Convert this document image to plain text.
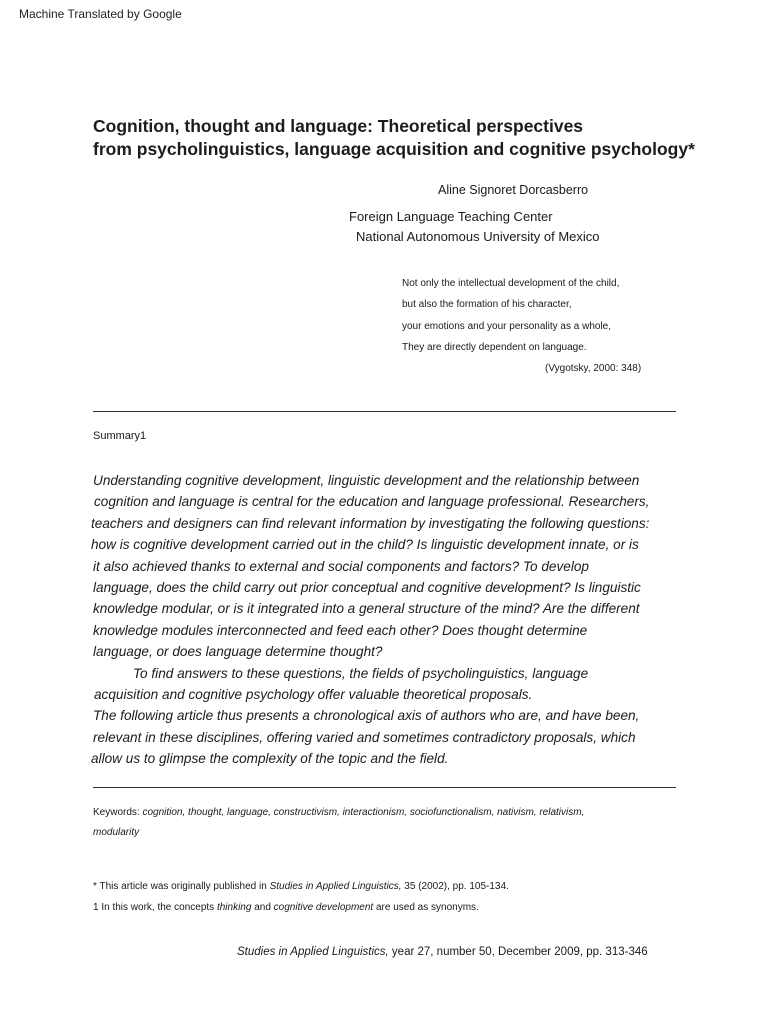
Machine Translated by Google
Cognition, thought and language: Theoretical perspectives
from psycholinguistics, language acquisition and cognitive psychology*
Aline Signoret Dorcasberro
Foreign Language Teaching Center
National Autonomous University of Mexico
Not only the intellectual development of the child,
but also the formation of his character,
your emotions and your personality as a whole,
They are directly dependent on language.
(Vygotsky, 2000: 348)
Summary1
Understanding cognitive development, linguistic development and the relationship between
cognition and language is central for the education and language professional. Researchers,
teachers and designers can find relevant information by investigating the following questions:
how is cognitive development carried out in the child? Is linguistic development innate, or is
it also achieved thanks to external and social components and factors? To develop
language, does the child carry out prior conceptual and cognitive development? Is linguistic
knowledge modular, or is it integrated into a general structure of the mind? Are the different
knowledge modules interconnected and feed each other? Does thought determine
language, or does language determine thought?
To find answers to these questions, the fields of psycholinguistics, language
acquisition and cognitive psychology offer valuable theoretical proposals.
The following article thus presents a chronological axis of authors who are, and have been,
relevant in these disciplines, offering varied and sometimes contradictory proposals, which
allow us to glimpse the complexity of the topic and the field.
Keywords: cognition, thought, language, constructivism, interactionism, sociofunctionalism, nativism, relativism,
modularity
* This article was originally published in Studies in Applied Linguistics, 35 (2002), pp. 105-134.
1 In this work, the concepts thinking and cognitive development are used as synonyms.
Studies in Applied Linguistics, year 27, number 50, December 2009, pp. 313-346
